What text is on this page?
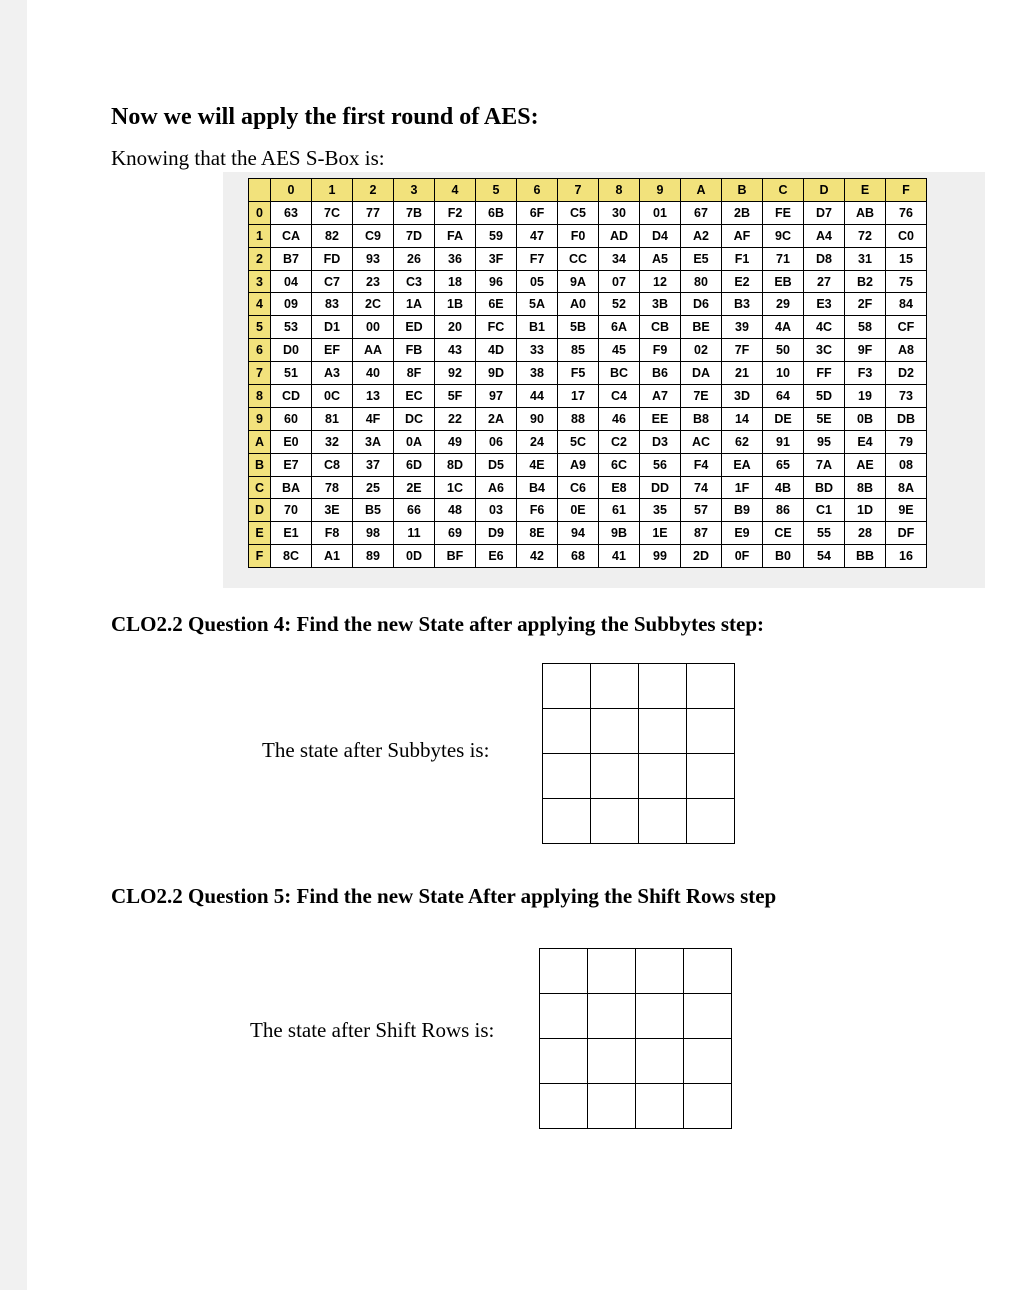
Now we will apply the first round of AES:
Knowing that the AES S-Box is:
	0	1	2	3	4	5	6	7	8	9	A	B	C	D	E	F
0	63	7C	77	7B	F2	6B	6F	C5	30	01	67	2B	FE	D7	AB	76
1	CA	82	C9	7D	FA	59	47	F0	AD	D4	A2	AF	9C	A4	72	C0
2	B7	FD	93	26	36	3F	F7	CC	34	A5	E5	F1	71	D8	31	15
3	04	C7	23	C3	18	96	05	9A	07	12	80	E2	EB	27	B2	75
4	09	83	2C	1A	1B	6E	5A	A0	52	3B	D6	B3	29	E3	2F	84
5	53	D1	00	ED	20	FC	B1	5B	6A	CB	BE	39	4A	4C	58	CF
6	D0	EF	AA	FB	43	4D	33	85	45	F9	02	7F	50	3C	9F	A8
7	51	A3	40	8F	92	9D	38	F5	BC	B6	DA	21	10	FF	F3	D2
8	CD	0C	13	EC	5F	97	44	17	C4	A7	7E	3D	64	5D	19	73
9	60	81	4F	DC	22	2A	90	88	46	EE	B8	14	DE	5E	0B	DB
A	E0	32	3A	0A	49	06	24	5C	C2	D3	AC	62	91	95	E4	79
B	E7	C8	37	6D	8D	D5	4E	A9	6C	56	F4	EA	65	7A	AE	08
C	BA	78	25	2E	1C	A6	B4	C6	E8	DD	74	1F	4B	BD	8B	8A
D	70	3E	B5	66	48	03	F6	0E	61	35	57	B9	86	C1	1D	9E
E	E1	F8	98	11	69	D9	8E	94	9B	1E	87	E9	CE	55	28	DF
F	8C	A1	89	0D	BF	E6	42	68	41	99	2D	0F	B0	54	BB	16
CLO2.2 Question 4: Find the new State after applying the Subbytes step:
The state after Subbytes is:

CLO2.2 Question 5: Find the new State After applying the Shift Rows step
The state after Shift Rows is:
